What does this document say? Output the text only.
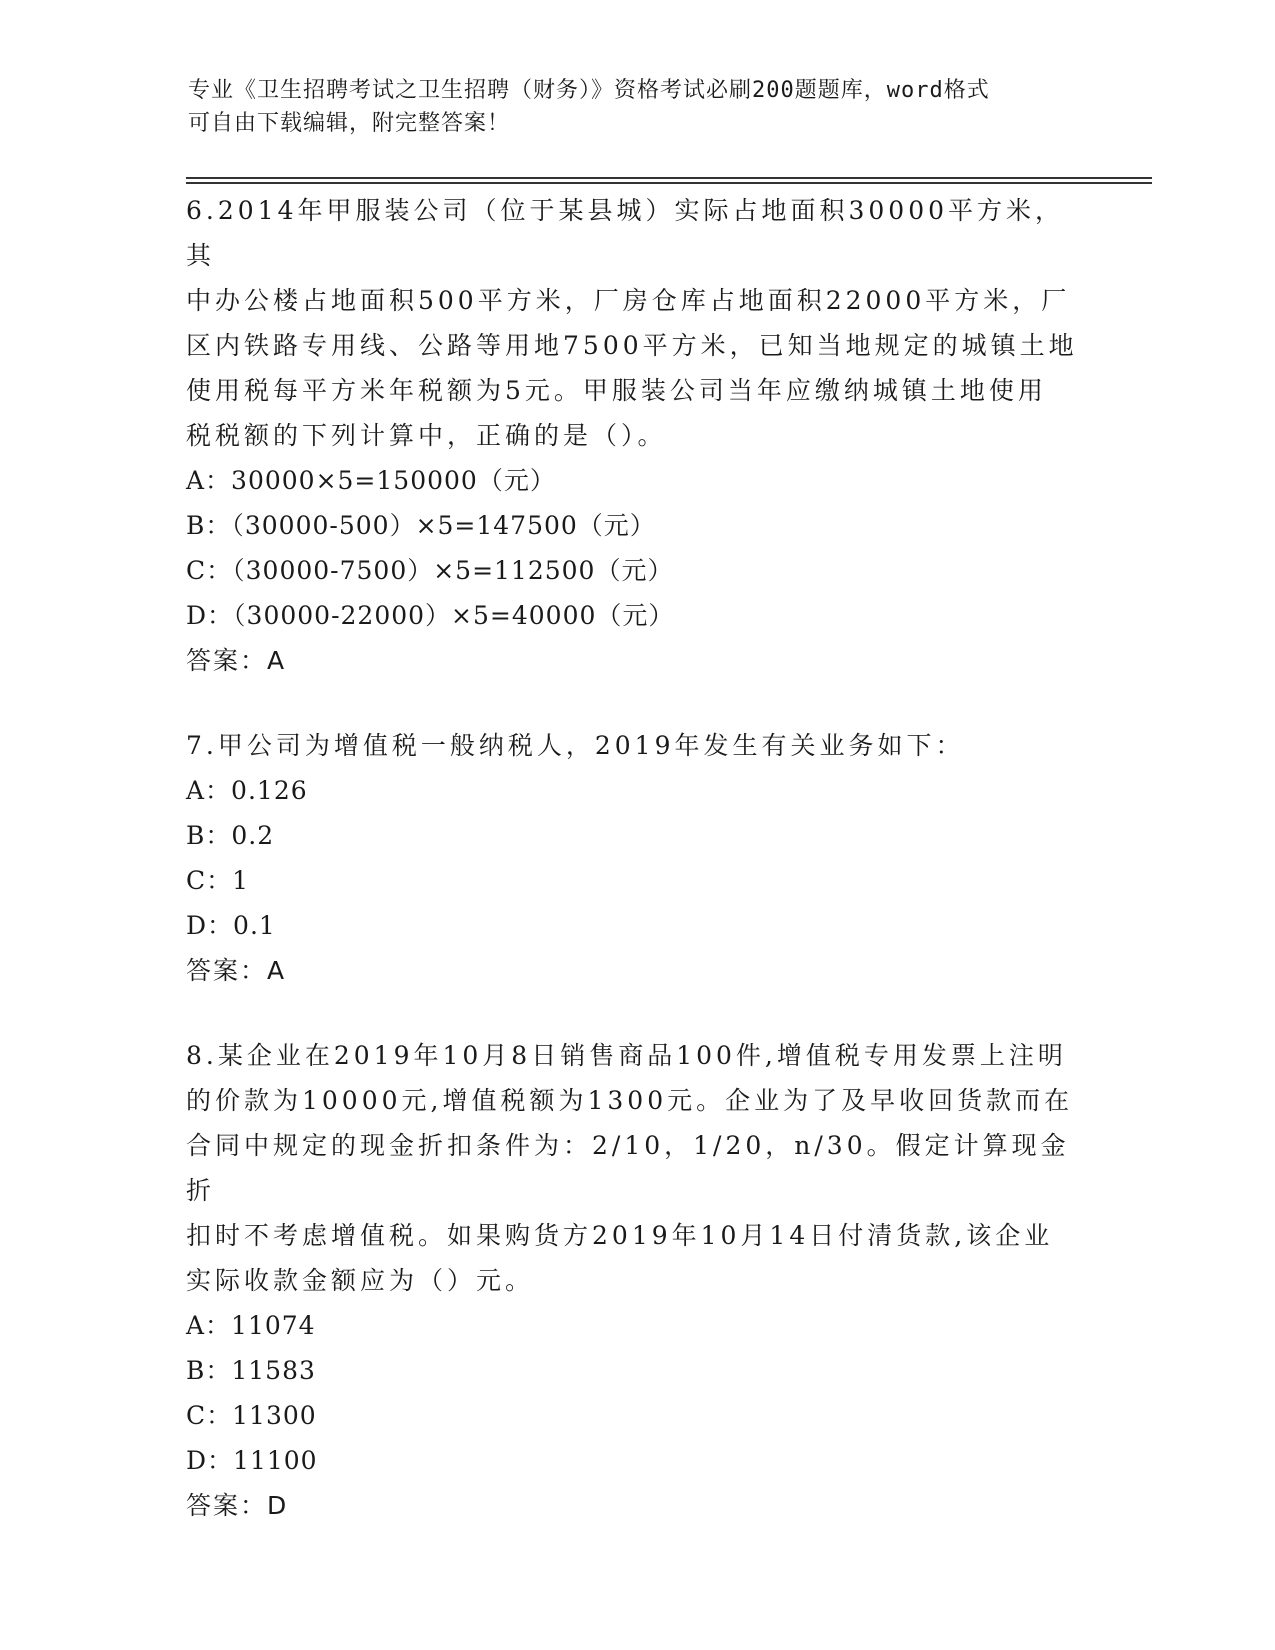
专业《卫生招聘考试之卫生招聘（财务）》资格考试必刷200题题库，word格式
可自由下载编辑，附完整答案！

6.2014年甲服装公司（位于某县城）实际占地面积30000平方米，其

中办公楼占地面积500平方米，厂房仓库占地面积22000平方米，厂

区内铁路专用线、公路等用地7500平方米，已知当地规定的城镇土地

使用税每平方米年税额为5元。甲服装公司当年应缴纳城镇土地使用

税税额的下列计算中，正确的是（）。

A：30000×5=150000（元）

B：（30000-500）×5=147500（元）

C：（30000-7500）×5=112500（元）

D：（30000-22000）×5=40000（元）

答案：A

7.甲公司为增值税一般纳税人，2019年发生有关业务如下：

A：0.126

B：0.2

C：1

D：0.1

答案：A

8.某企业在2019年10月8日销售商品100件,增值税专用发票上注明

的价款为10000元,增值税额为1300元。企业为了及早收回货款而在

合同中规定的现金折扣条件为：2/10，1/20，n/30。假定计算现金折

扣时不考虑增值税。如果购货方2019年10月14日付清货款,该企业

实际收款金额应为（）元。

A：11074

B：11583

C：11300

D：11100

答案：D
